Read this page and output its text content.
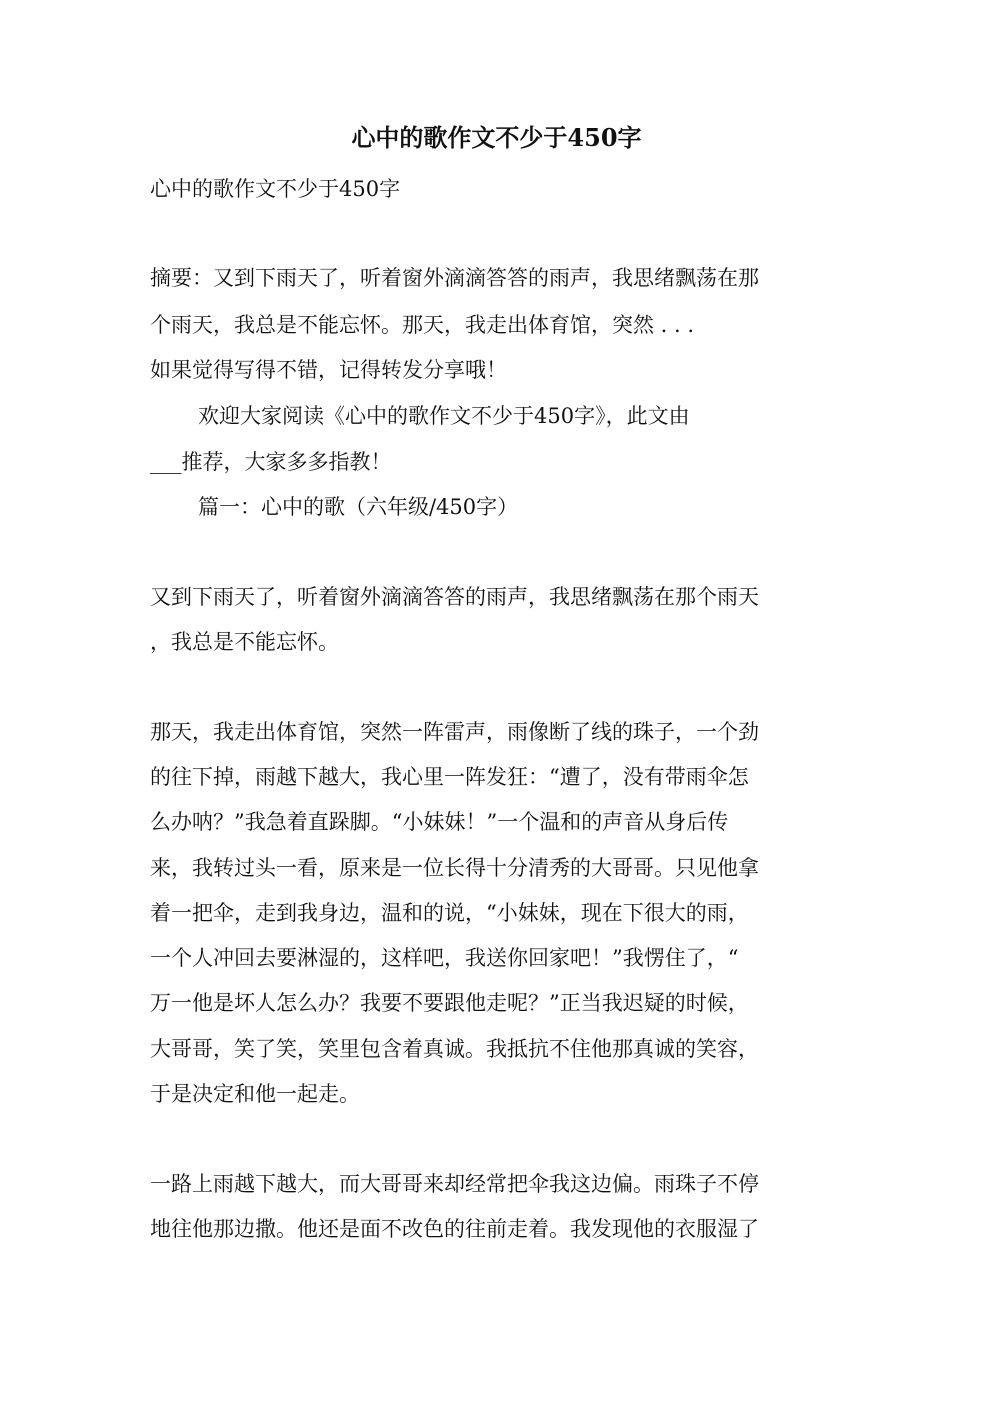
心中的歌作文不少于450字

心中的歌作文不少于450字

摘要：又到下雨天了，听着窗外滴滴答答的雨声，我思绪飘荡在那

个雨天，我总是不能忘怀。那天，我走出体育馆，突然 . . .

如果觉得写得不错，记得转发分享哦！

欢迎大家阅读《心中的歌作文不少于450字》，此文由

___推荐，大家多多指教！

篇一：心中的歌（六年级/450字）

又到下雨天了，听着窗外滴滴答答的雨声，我思绪飘荡在那个雨天

，我总是不能忘怀。

那天，我走出体育馆，突然一阵雷声，雨像断了线的珠子，一个劲

的往下掉，雨越下越大，我心里一阵发狂：“遭了，没有带雨伞怎

么办呐？”我急着直跺脚。“小妹妹！”一个温和的声音从身后传

来，我转过头一看，原来是一位长得十分清秀的大哥哥。只见他拿

着一把伞，走到我身边，温和的说，“小妹妹，现在下很大的雨，

一个人冲回去要淋湿的，这样吧，我送你回家吧！”我愣住了，“

万一他是坏人怎么办？我要不要跟他走呢？”正当我迟疑的时候，

大哥哥，笑了笑，笑里包含着真诚。我抵抗不住他那真诚的笑容，

于是决定和他一起走。

一路上雨越下越大，而大哥哥来却经常把伞我这边偏。雨珠子不停

地往他那边撒。他还是面不改色的往前走着。我发现他的衣服湿了
